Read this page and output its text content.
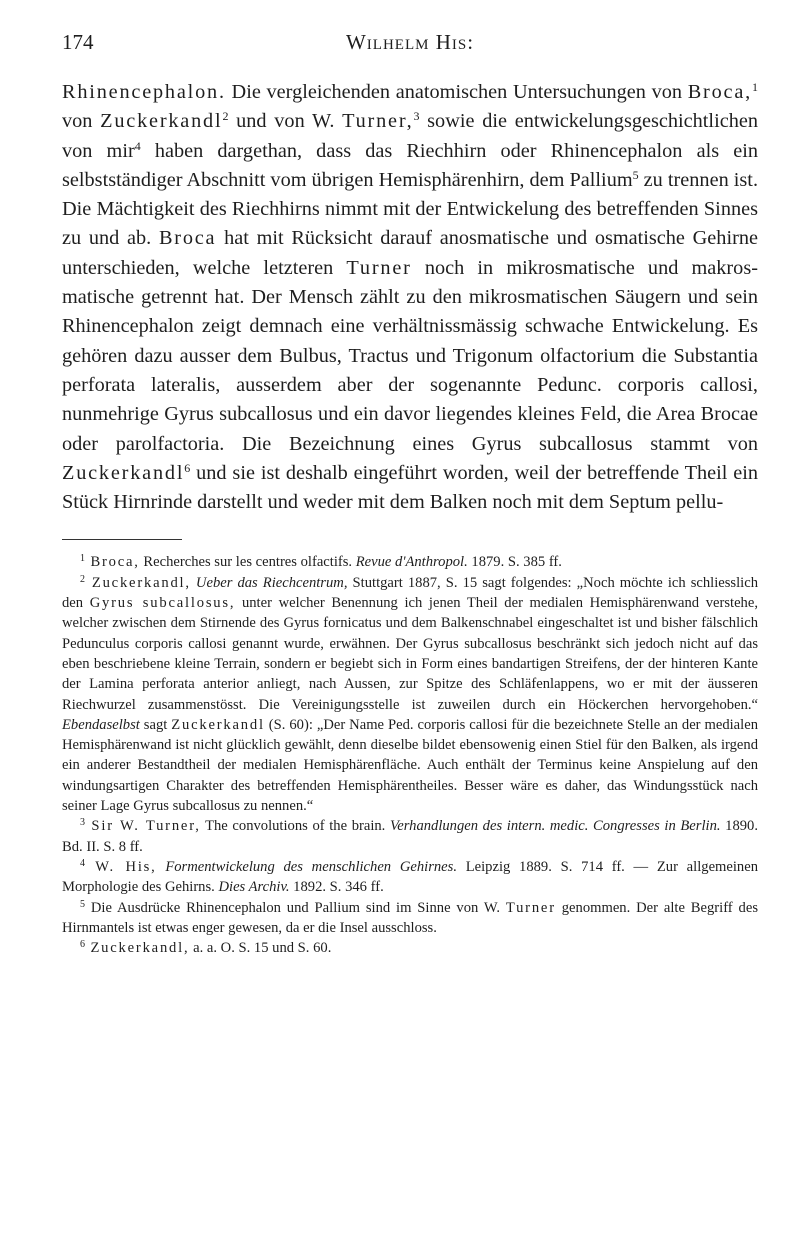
174	Wilhelm His:

Rhinencephalon. Die vergleichenden anatomischen Untersuchungen von Broca,$^1$ von Zuckerkandl$^2$ und von W. Turner,$^3$ sowie die entwickelungsgeschichtlichen von mir$^4$ haben dargethan, dass das Riechhirn oder Rhinencephalon als ein selbstständiger Abschnitt vom übrigen Hemisphärenhirn, dem Pallium$^5$ zu trennen ist. Die Mächtigkeit des Riechhirns nimmt mit der Entwickelung des betreffenden Sinnes zu und ab. Broca hat mit Rücksicht darauf anosmatische und osmatische Gehirne unterschieden, welche letzteren Turner noch in mikrosmatische und makrosmatische getrennt hat. Der Mensch zählt zu den mikrosmatischen Säugern und sein Rhinencephalon zeigt demnach eine verhältnissmässig schwache Entwickelung. Es gehören dazu ausser dem Bulbus, Tractus und Trigonum olfactorium die Substantia perforata lateralis, ausserdem aber der sogenannte Pedunc. corporis callosi, nunmehrige Gyrus subcallosus und ein davor liegendes kleines Feld, die Area Brocae oder parolfactoria. Die Bezeichnung eines Gyrus subcallosus stammt von Zuckerkandl$^6$ und sie ist deshalb eingeführt worden, weil der betreffende Theil ein Stück Hirnrinde darstellt und weder mit dem Balken noch mit dem Septum pellu-

$^1$ Broca, Recherches sur les centres olfactifs. Revue d'Anthropol. 1879. S. 385 ff.

$^2$ Zuckerkandl, Ueber das Riechcentrum, Stuttgart 1887, S. 15 sagt folgendes: „Noch möchte ich schliesslich den Gyrus subcallosus, unter welcher Benennung ich jenen Theil der medialen Hemisphärenwand verstehe, welcher zwischen dem Stirnende des Gyrus fornicatus und dem Balkenschnabel eingeschaltet ist und bisher fälschlich Pedunculus corporis callosi genannt wurde, erwähnen. Der Gyrus subcallosus beschränkt sich jedoch nicht auf das eben beschriebene kleine Terrain, sondern er begiebt sich in Form eines bandartigen Streifens, der der hinteren Kante der Lamina perforata anterior anliegt, nach Aussen, zur Spitze des Schläfenlappens, wo er mit der äusseren Riechwurzel zusammenstösst. Die Vereinigungsstelle ist zuweilen durch ein Höckerchen hervorgehoben.“ Ebendaselbst sagt Zuckerkandl (S. 60): „Der Name Ped. corporis callosi für die bezeichnete Stelle an der medialen Hemisphärenwand ist nicht glücklich gewählt, denn dieselbe bildet ebensowenig einen Stiel für den Balken, als irgend ein anderer Bestandtheil der medialen Hemisphärenfläche. Auch enthält der Terminus keine Anspielung auf den windungsartigen Charakter des betreffenden Hemisphärentheiles. Besser wäre es daher, das Windungsstück nach seiner Lage Gyrus subcallosus zu nennen.“

$^3$ Sir W. Turner, The convolutions of the brain. Verhandlungen des intern. medic. Congresses in Berlin. 1890. Bd. II. S. 8 ff.

$^4$ W. His, Formentwickelung des menschlichen Gehirnes. Leipzig 1889. S. 714 ff. — Zur allgemeinen Morphologie des Gehirns. Dies Archiv. 1892. S. 346 ff.

$^5$ Die Ausdrücke Rhinencephalon und Pallium sind im Sinne von W. Turner genommen. Der alte Begriff des Hirnmantels ist etwas enger gewesen, da er die Insel ausschloss.

$^6$ Zuckerkandl, a. a. O. S. 15 und S. 60.
